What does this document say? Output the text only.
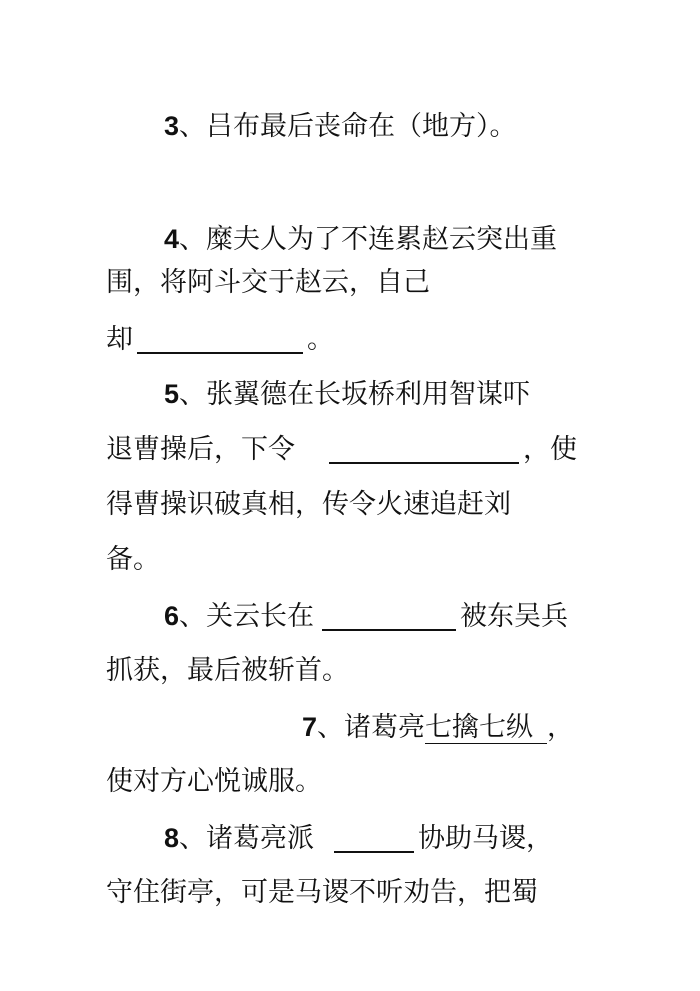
3、吕布最后丧命在（地方）。
4、糜夫人为了不连累赵云突出重
围，将阿斗交于赵云，自己
却	。
5、张翼德在长坂桥利用智谋吓
退曹操后，下令	，使
得曹操识破真相，传令火速追赶刘
备。
6、关云长在	被东吴兵
抓获，最后被斩首。
7、诸葛亮七擒七纵 ，
使对方心悦诚服。
8、诸葛亮派	协助马谡，
守住街亭，可是马谡不听劝告，把蜀
